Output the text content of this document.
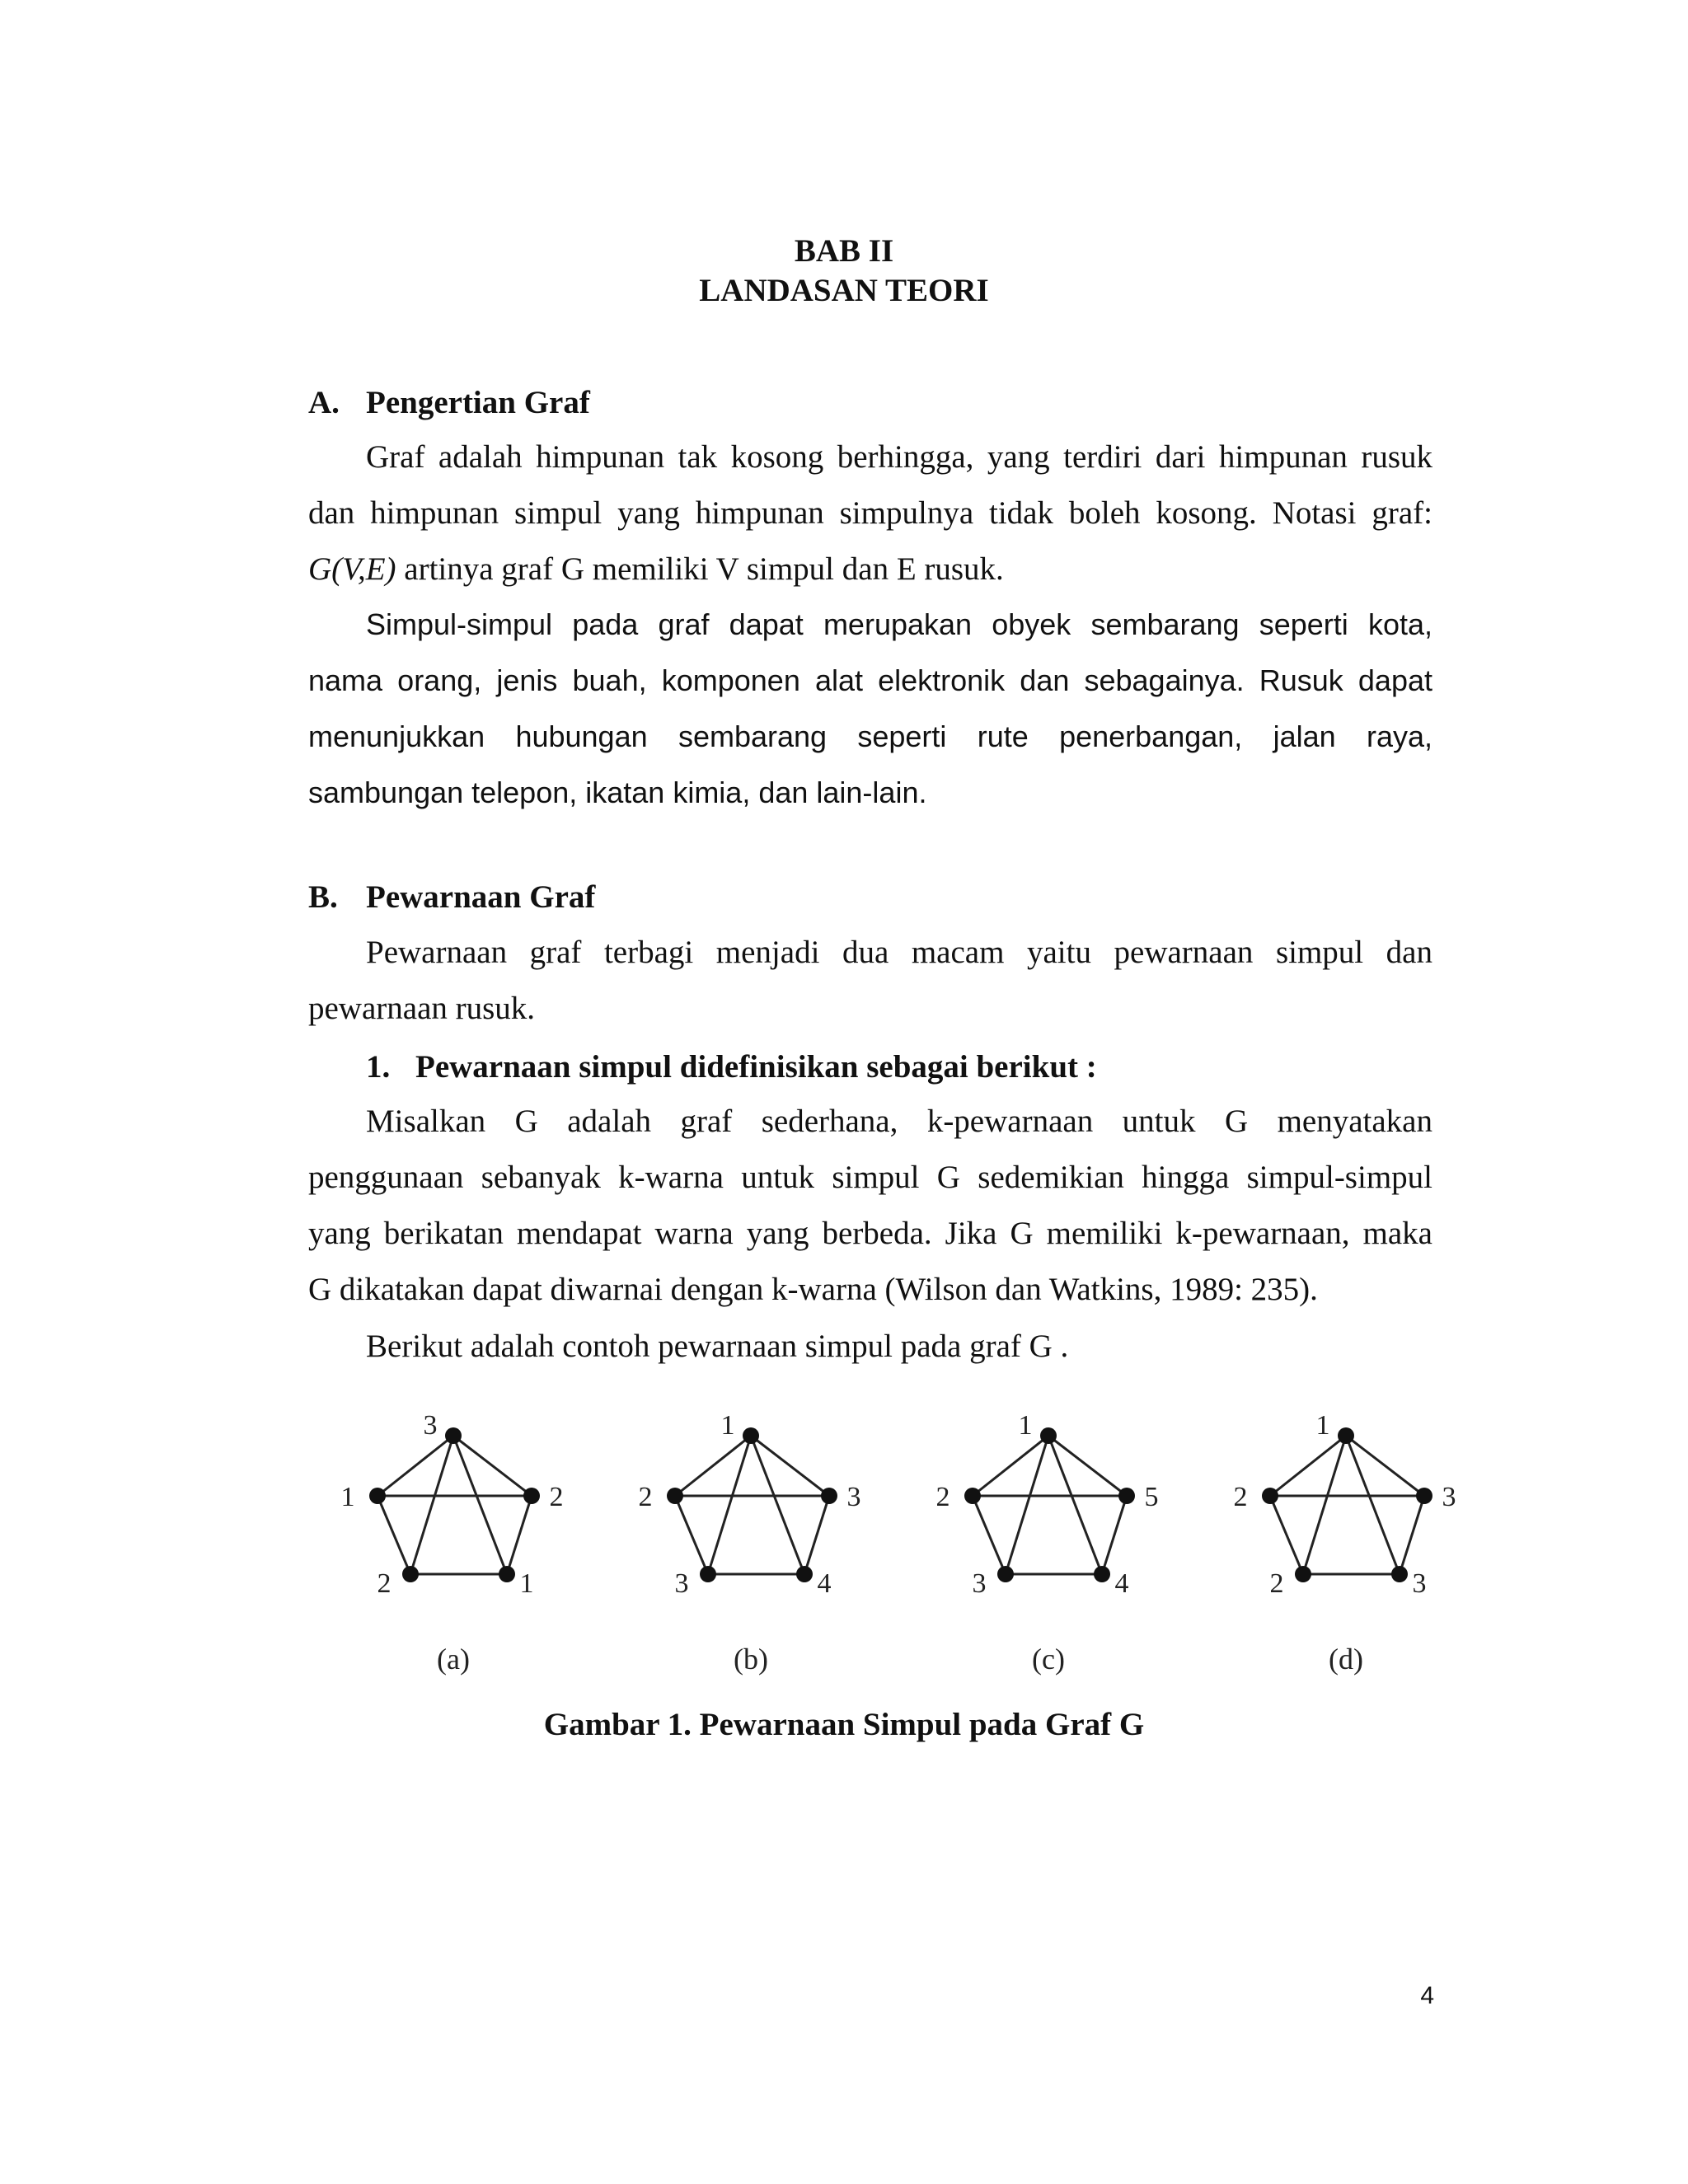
BAB II
LANDASAN TEORI
A. Pengertian Graf
Graf adalah himpunan tak kosong berhingga, yang terdiri dari himpunan rusuk
dan himpunan simpul yang himpunan simpulnya tidak boleh kosong. Notasi graf:
G(V,E) artinya graf G memiliki V simpul dan E rusuk.
Simpul-simpul pada graf dapat merupakan obyek sembarang seperti kota,
nama orang, jenis buah, komponen alat elektronik dan sebagainya. Rusuk dapat
menunjukkan hubungan sembarang seperti rute penerbangan, jalan raya,
sambungan telepon, ikatan kimia, dan lain-lain.
B. Pewarnaan Graf
Pewarnaan graf terbagi menjadi dua macam yaitu pewarnaan simpul dan
pewarnaan rusuk.
1. Pewarnaan simpul didefinisikan sebagai berikut :
Misalkan G adalah graf sederhana, k-pewarnaan untuk G menyatakan
penggunaan sebanyak k-warna untuk simpul G sedemikian hingga simpul-simpul
yang berikatan mendapat warna yang berbeda. Jika G memiliki k-pewarnaan, maka
G dikatakan dapat diwarnai dengan k-warna (Wilson dan Watkins, 1989: 235).
Berikut adalah contoh pewarnaan simpul pada graf G .
3
2
1
2
1
(a)
1
3
4
3
2
(b)
1
5
4
3
2
(c)
1
3
3
2
2
(d)
Gambar 1. Pewarnaan Simpul pada Graf G
4
